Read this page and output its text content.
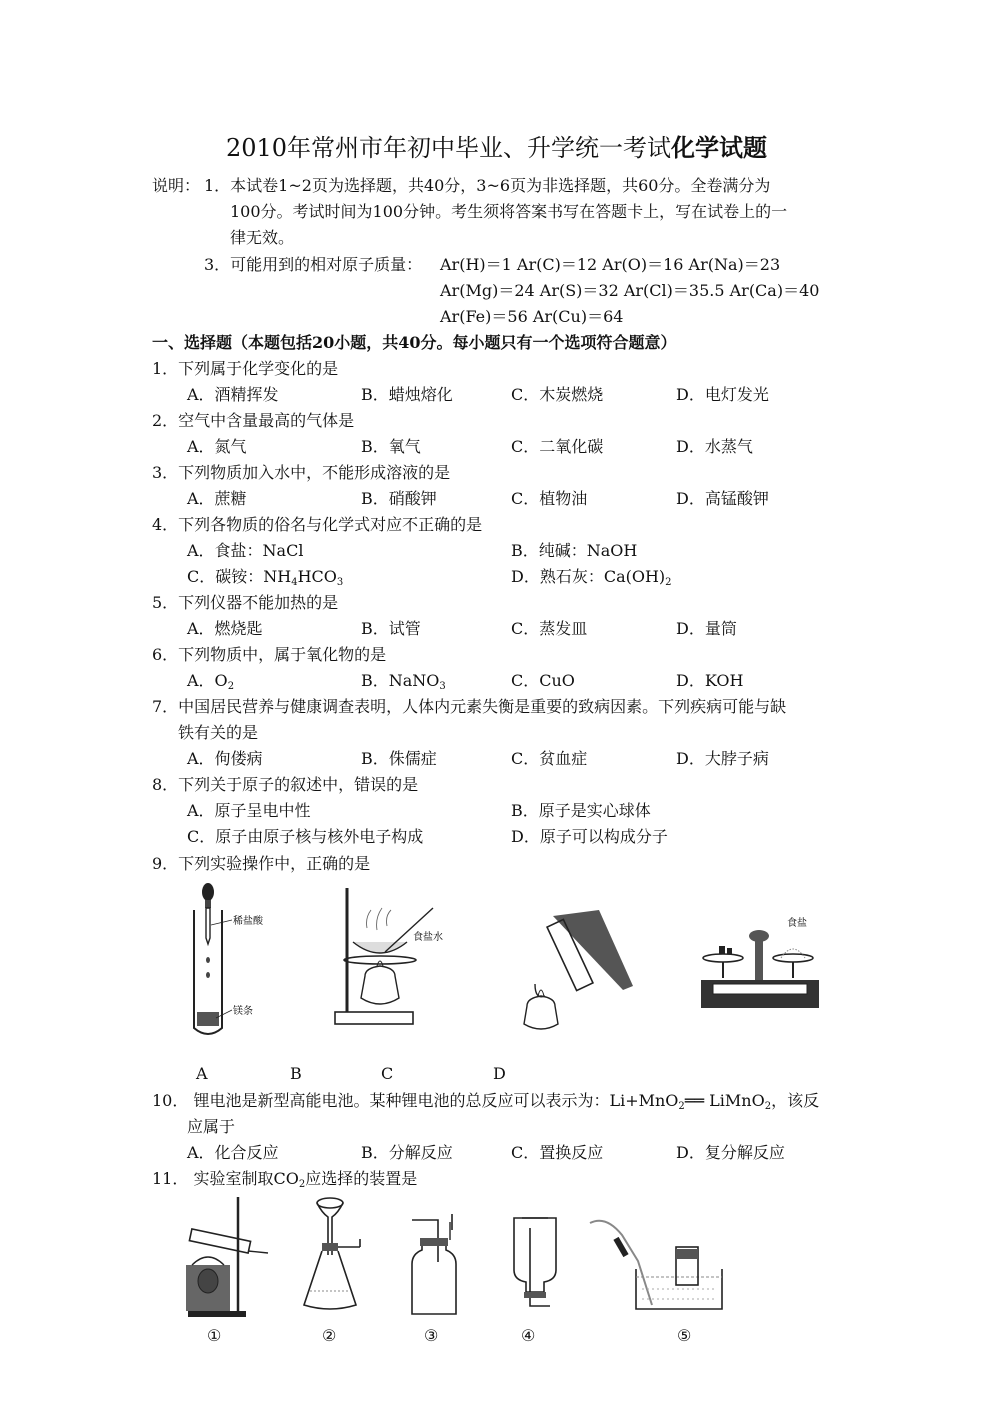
2010年常州市年初中毕业、升学统一考试化学试题
说明： 1．本试卷1~2页为选择题，共40分，3~6页为非选择题，共60分。全卷满分为
100分。考试时间为100分钟。考生须将答案书写在答题卡上，写在试卷上的一
律无效。
3．可能用到的相对原子质量： Ar(H)＝1 Ar(C)＝12 Ar(O)＝16 Ar(Na)＝23
Ar(Mg)＝24 Ar(S)＝32 Ar(Cl)＝35.5 Ar(Ca)＝40
Ar(Fe)＝56 Ar(Cu)＝64
一、选择题（本题包括20小题，共40分。每小题只有一个选项符合题意）
1．下列属于化学变化的是
A．酒精挥发	B．蜡烛熔化	C．木炭燃烧	D．电灯发光
2．空气中含量最高的气体是
A．氮气	B．氧气	C．二氧化碳	D．水蒸气
3．下列物质加入水中，不能形成溶液的是
A．蔗糖	B．硝酸钾	C．植物油	D．高锰酸钾
4．下列各物质的俗名与化学式对应不正确的是
A．食盐：NaCl	B．纯碱：NaOH
C．碳铵：$NH_4HCO_3$	D．熟石灰：$Ca(OH)_2$
5．下列仪器不能加热的是
A．燃烧匙	B．试管	C．蒸发皿	D．量筒
6．下列物质中，属于氧化物的是
A．$O_2$	B．NaNO$_3$	C．CuO	D．KOH
7．中国居民营养与健康调查表明，人体内元素失衡是重要的致病因素。下列疾病可能与缺
铁有关的是
A．佝偻病	B．侏儒症	C．贫血症	D．大脖子病
8．下列关于原子的叙述中，错误的是
A．原子呈电中性	B．原子是实心球体
C．原子由原子核与核外电子构成	D．原子可以构成分子
9．下列实验操作中，正确的是
稀盐酸
镁条
食盐水
食盐
A	B	C	D
10． 锂电池是新型高能电池。某种锂电池的总反应可以表示为：Li+MnO$_2$══ LiMnO$_2$，该反
应属于
A．化合反应	B．分解反应	C．置换反应	D．复分解反应
11． 实验室制取$CO_2$应选择的装置是
①	②	③	④	⑤
